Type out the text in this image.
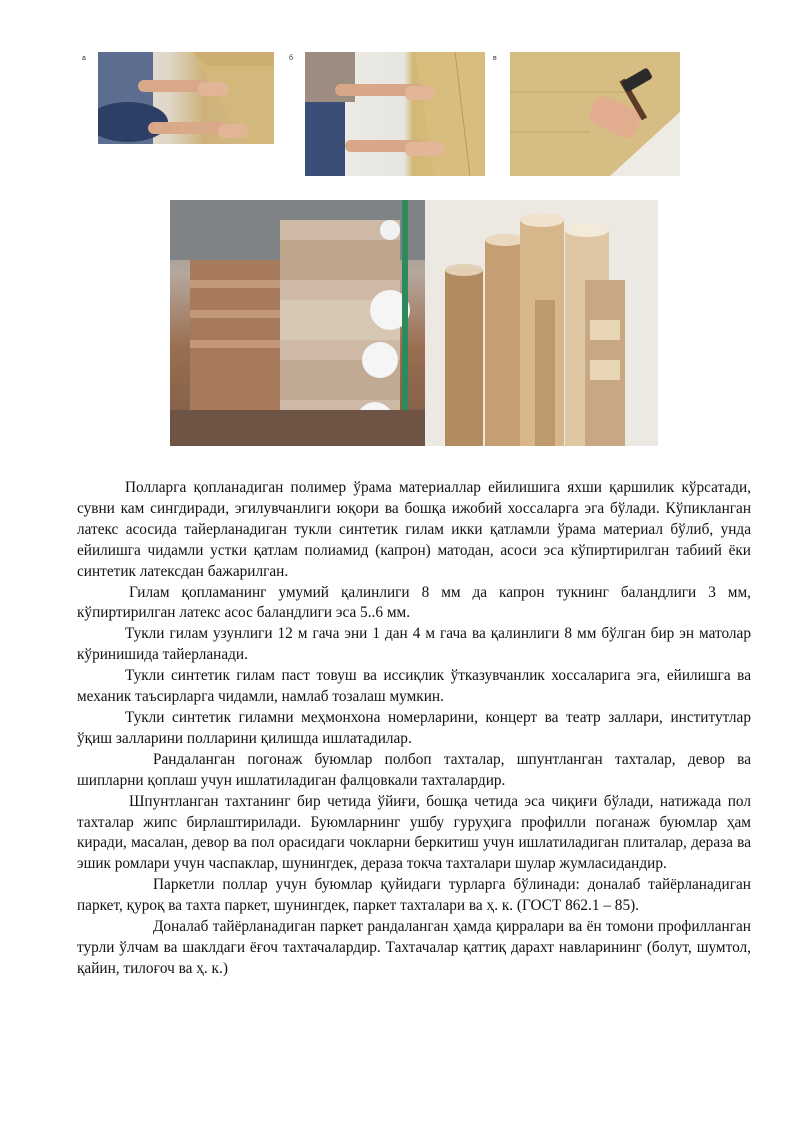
а	б	в

Полларга қопланадиган полимер ўрама материаллар ейилишига яхши қаршилик кўрсатади, сувни кам сингдиради, эгилувчанлиги юқори ва бошқа ижобий хоссаларга эга бўлади. Кўпикланган латекс асосида тайерланадиган тукли синтетик гилам икки қатламли ўрама материал бўлиб, унда ейилишга чидамли устки қатлам полиамид (капрон) матодан, асоси эса кўпиртирилган табиий ёки синтетик латексдан бажарилган.

Гилам қопламанинг умумий қалинлиги 8 мм да капрон тукнинг баландлиги 3 мм, кўпиртирилган латекс асос баландлиги эса 5..6 мм.

Тукли гилам узунлиги 12 м гача эни 1 дан 4 м гача ва қалинлиги 8 мм бўлган бир эн матолар кўринишида тайерланади.

Тукли синтетик гилам паст товуш ва иссиқлик ўтказувчанлик хоссаларига эга, ейилишга ва механик таъсирларга чидамли, намлаб тозалаш мумкин.

Тукли синтетик гиламни меҳмонхона номерларини, концерт ва театр заллари, институтлар ўқиш залларини полларини қилишда ишлатадилар.

Рандаланган погонаж буюмлар полбоп тахталар, шпунтланган тахталар, девор ва шипларни қоплаш учун ишлатиладиган фалцовкали тахталардир.

Шпунтланган тахтанинг бир четида ўйиғи, бошқа четида эса чиқиғи бўлади, натижада пол тахталар жипс бирлаштирилади. Буюмларнинг ушбу гуруҳига профилли поганаж буюмлар ҳам киради, масалан, девор ва пол орасидаги чокларни беркитиш учун ишлатиладиган плиталар, дераза ва эшик ромлари учун часпаклар, шунингдек, дераза токча тахталари шулар жумласидандир.

Паркетли поллар учун буюмлар қуйидаги турларга бўлинади: доналаб тайёрланадиган паркет, қуроқ ва тахта паркет, шунингдек, паркет тахталари ва ҳ. к. (ГОСТ 862.1 – 85).

Доналаб тайёрланадиган паркет рандаланган ҳамда қирралари ва ён томони профилланган турли ўлчам ва шаклдаги ёғоч тахтачалардир. Тахтачалар қаттиқ дарахт навларининг (болут, шумтол, қайин, тилоғоч ва ҳ. к.)
